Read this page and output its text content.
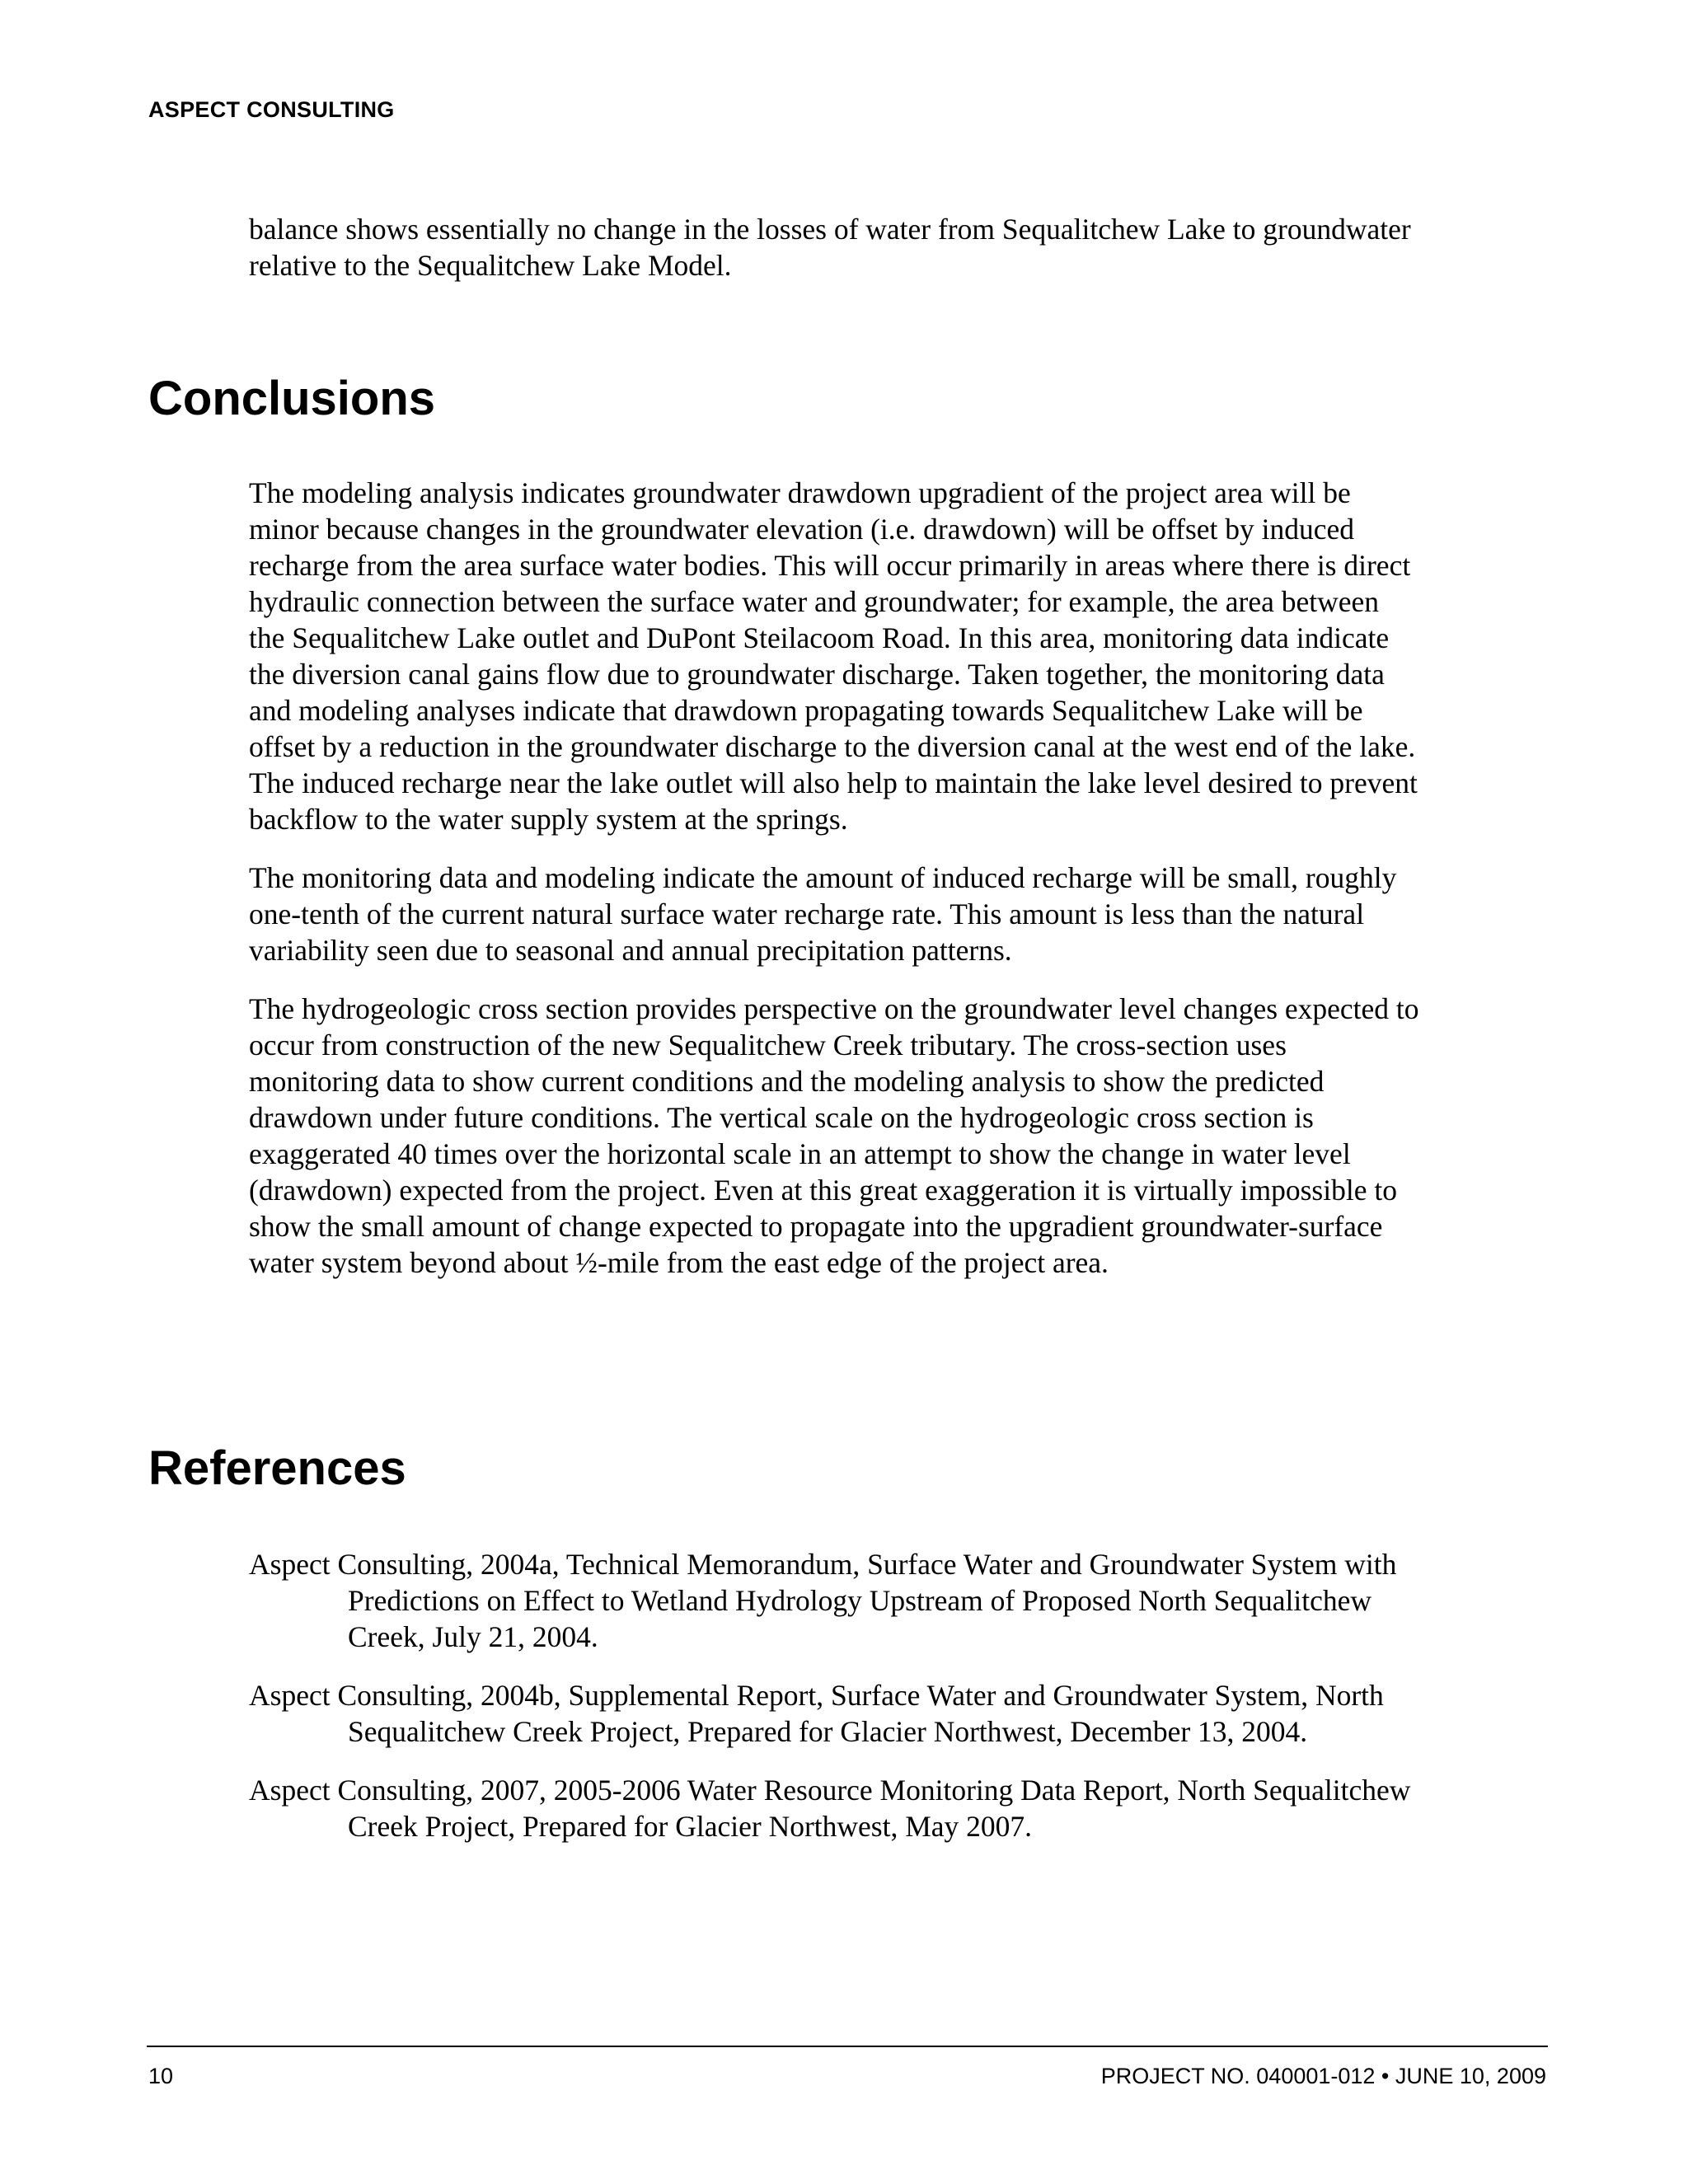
ASPECT CONSULTING

balance shows essentially no change in the losses of water from Sequalitchew Lake to groundwater relative to the Sequalitchew Lake Model.

Conclusions

The modeling analysis indicates groundwater drawdown upgradient of the project area will be minor because changes in the groundwater elevation (i.e. drawdown) will be offset by induced recharge from the area surface water bodies. This will occur primarily in areas where there is direct hydraulic connection between the surface water and groundwater; for example, the area between the Sequalitchew Lake outlet and DuPont Steilacoom Road. In this area, monitoring data indicate the diversion canal gains flow due to groundwater discharge. Taken together, the monitoring data and modeling analyses indicate that drawdown propagating towards Sequalitchew Lake will be offset by a reduction in the groundwater discharge to the diversion canal at the west end of the lake. The induced recharge near the lake outlet will also help to maintain the lake level desired to prevent backflow to the water supply system at the springs.

The monitoring data and modeling indicate the amount of induced recharge will be small, roughly one-tenth of the current natural surface water recharge rate. This amount is less than the natural variability seen due to seasonal and annual precipitation patterns.

The hydrogeologic cross section provides perspective on the groundwater level changes expected to occur from construction of the new Sequalitchew Creek tributary. The cross-section uses monitoring data to show current conditions and the modeling analysis to show the predicted drawdown under future conditions. The vertical scale on the hydrogeologic cross section is exaggerated 40 times over the horizontal scale in an attempt to show the change in water level (drawdown) expected from the project. Even at this great exaggeration it is virtually impossible to show the small amount of change expected to propagate into the upgradient groundwater-surface water system beyond about ½-mile from the east edge of the project area.

References

Aspect Consulting, 2004a, Technical Memorandum, Surface Water and Groundwater System with Predictions on Effect to Wetland Hydrology Upstream of Proposed North Sequalitchew Creek, July 21, 2004.

Aspect Consulting, 2004b, Supplemental Report, Surface Water and Groundwater System, North Sequalitchew Creek Project, Prepared for Glacier Northwest, December 13, 2004.

Aspect Consulting, 2007, 2005-2006 Water Resource Monitoring Data Report, North Sequalitchew Creek Project, Prepared for Glacier Northwest, May 2007.

10	PROJECT NO. 040001-012 • JUNE 10, 2009
